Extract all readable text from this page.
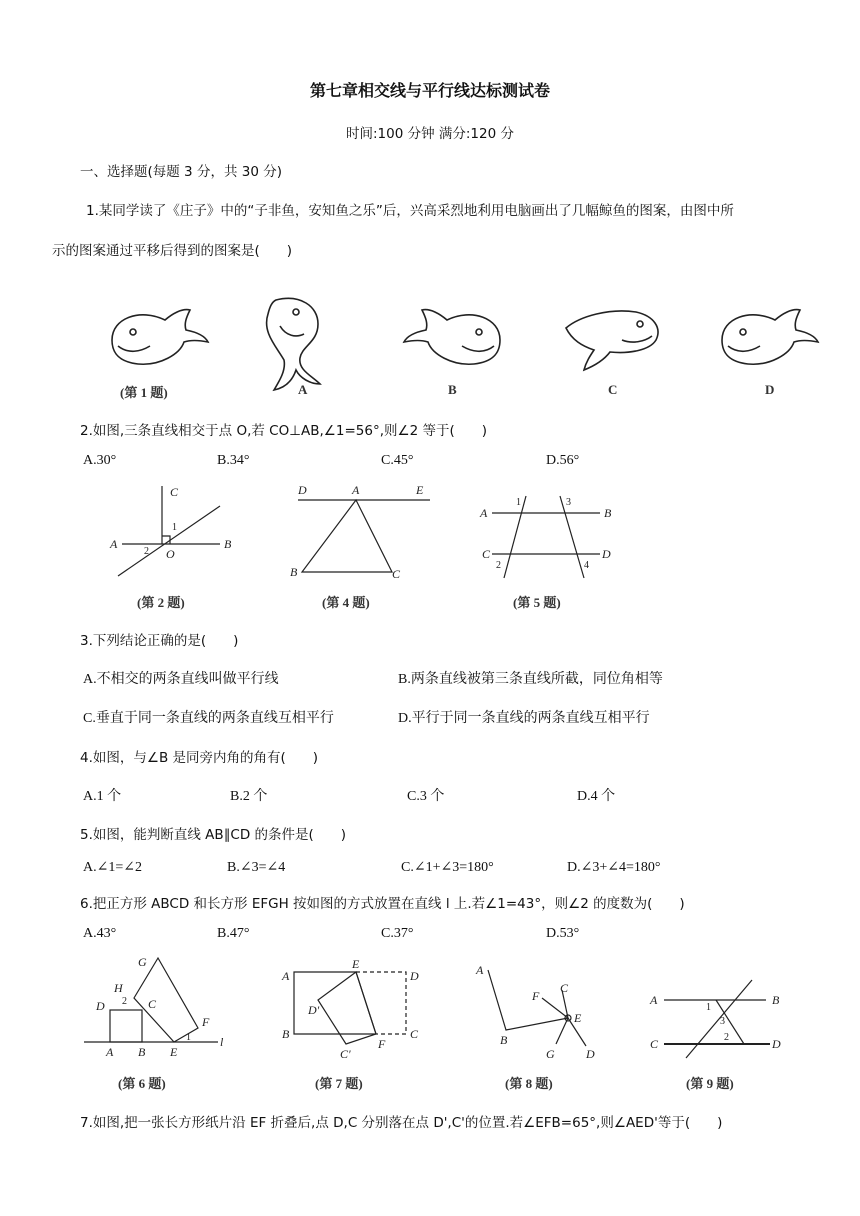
第七章相交线与平行线达标测试卷
时间:100 分钟 满分:120 分
一、选择题(每题 3 分，共 30 分)
1.某同学读了《庄子》中的“子非鱼，安知鱼之乐”后，兴高采烈地利用电脑画出了几幅鲸鱼的图案，由图中所
示的图案通过平移后得到的图案是(　　)
(第 1 题)	A	B	C	D
2.如图,三条直线相交于点 O,若 CO⊥AB,∠1=56°,则∠2 等于(　　)
A.30°	B.34°	C.45°	D.56°
C
A	B
O
1
2
D	A	E
B	C
A	B
C	D
1	3
2	4
(第 2 题)	(第 4 题)	(第 5 题)
3.下列结论正确的是(　　)
A.不相交的两条直线叫做平行线	B.两条直线被第三条直线所截，同位角相等
C.垂直于同一条直线的两条直线互相平行	D.平行于同一条直线的两条直线互相平行
4.如图，与∠B 是同旁内角的角有(　　)
A.1 个	B.2 个	C.3 个	D.4 个
5.如图，能判断直线 AB∥CD 的条件是(　　)
A.∠1=∠2	B.∠3=∠4	C.∠1+∠3=180°	D.∠3+∠4=180°
6.把正方形 ABCD 和长方形 EFGH 按如图的方式放置在直线 l 上.若∠1=43°，则∠2 的度数为(　　)
A.43°	B.47°	C.37°	D.53°
G
H
D	C
F
A B E
l
1
2
A
E
D
D'
B
F
C
C'
A
F
C
E
B
G	D
A	B
C	D
1
3
2
(第 6 题)	(第 7 题)	(第 8 题)	(第 9 题)
7.如图,把一张长方形纸片沿 EF 折叠后,点 D,C 分别落在点 D',C'的位置.若∠EFB=65°,则∠AED'等于(　　)
